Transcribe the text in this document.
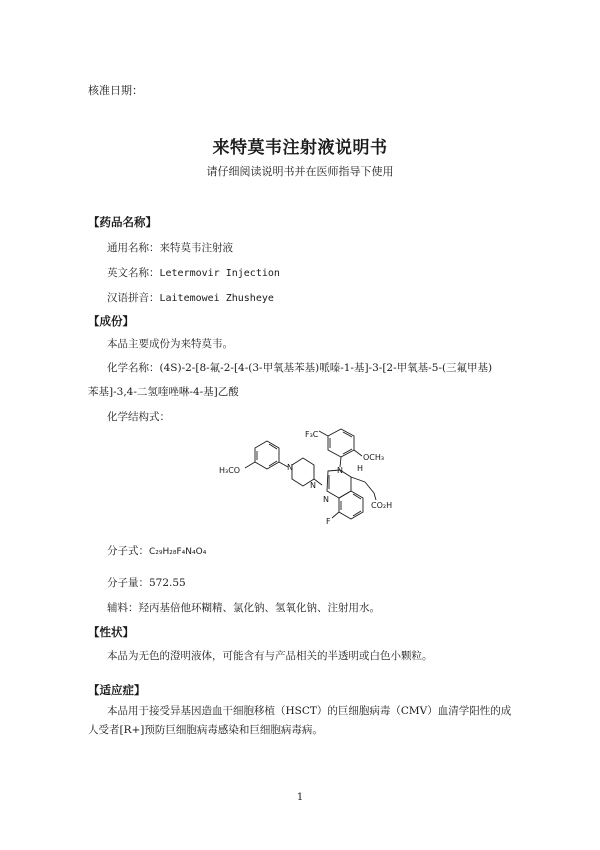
核准日期：
来特莫韦注射液说明书
请仔细阅读说明书并在医师指导下使用
【药品名称】
通用名称：来特莫韦注射液
英文名称：Letermovir Injection
汉语拼音：Laitemowei Zhusheye
【成份】
本品主要成份为来特莫韦。
化学名称：(4S)-2-[8-氟-2-[4-(3-甲氧基苯基)哌嗪-1-基]-3-[2-甲氧基-5-(三氟甲基)
苯基]-3,4-二氢喹唑啉-4-基]乙酸
化学结构式：
F₃C
OCH₃
H₃CO	N
N
N
N
H
CO₂H
F
分子式：C₂₉H₂₈F₄N₄O₄
分子量：572.55
辅料：羟丙基倍他环糊精、氯化钠、氢氧化钠、注射用水。
【性状】
本品为无色的澄明液体，可能含有与产品相关的半透明或白色小颗粒。
【适应症】
本品用于接受异基因造血干细胞移植（HSCT）的巨细胞病毒（CMV）血清学阳性的成人受者[R+]预防巨细胞病毒感染和巨细胞病毒病。
1
